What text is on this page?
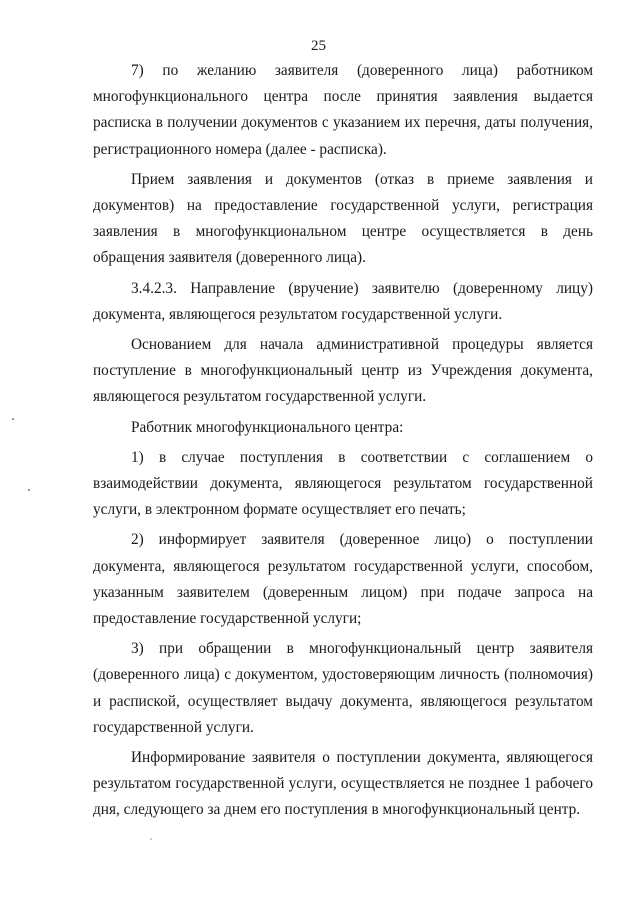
25

7) по желанию заявителя (доверенного лица) работником многофункционального центра после принятия заявления выдается расписка в получении документов с указанием их перечня, даты получения, регистрационного номера (далее - расписка).

Прием заявления и документов (отказ в приеме заявления и документов) на предоставление государственной услуги, регистрация заявления в многофункциональном центре осуществляется в день обращения заявителя (доверенного лица).

3.4.2.3. Направление (вручение) заявителю (доверенному лицу) документа, являющегося результатом государственной услуги.

Основанием для начала административной процедуры является поступление в многофункциональный центр из Учреждения документа, являющегося результатом государственной услуги.

Работник многофункционального центра:

1) в случае поступления в соответствии с соглашением о взаимодействии документа, являющегося результатом государственной услуги, в электронном формате осуществляет его печать;

2) информирует заявителя (доверенное лицо) о поступлении документа, являющегося результатом государственной услуги, способом, указанным заявителем (доверенным лицом) при подаче запроса на предоставление государственной услуги;

3) при обращении в многофункциональный центр заявителя (доверенного лица) с документом, удостоверяющим личность (полномочия) и распиской, осуществляет выдачу документа, являющегося результатом государственной услуги.

Информирование заявителя о поступлении документа, являющегося результатом государственной услуги, осуществляется не позднее 1 рабочего дня, следующего за днем его поступления в многофункциональный центр.
